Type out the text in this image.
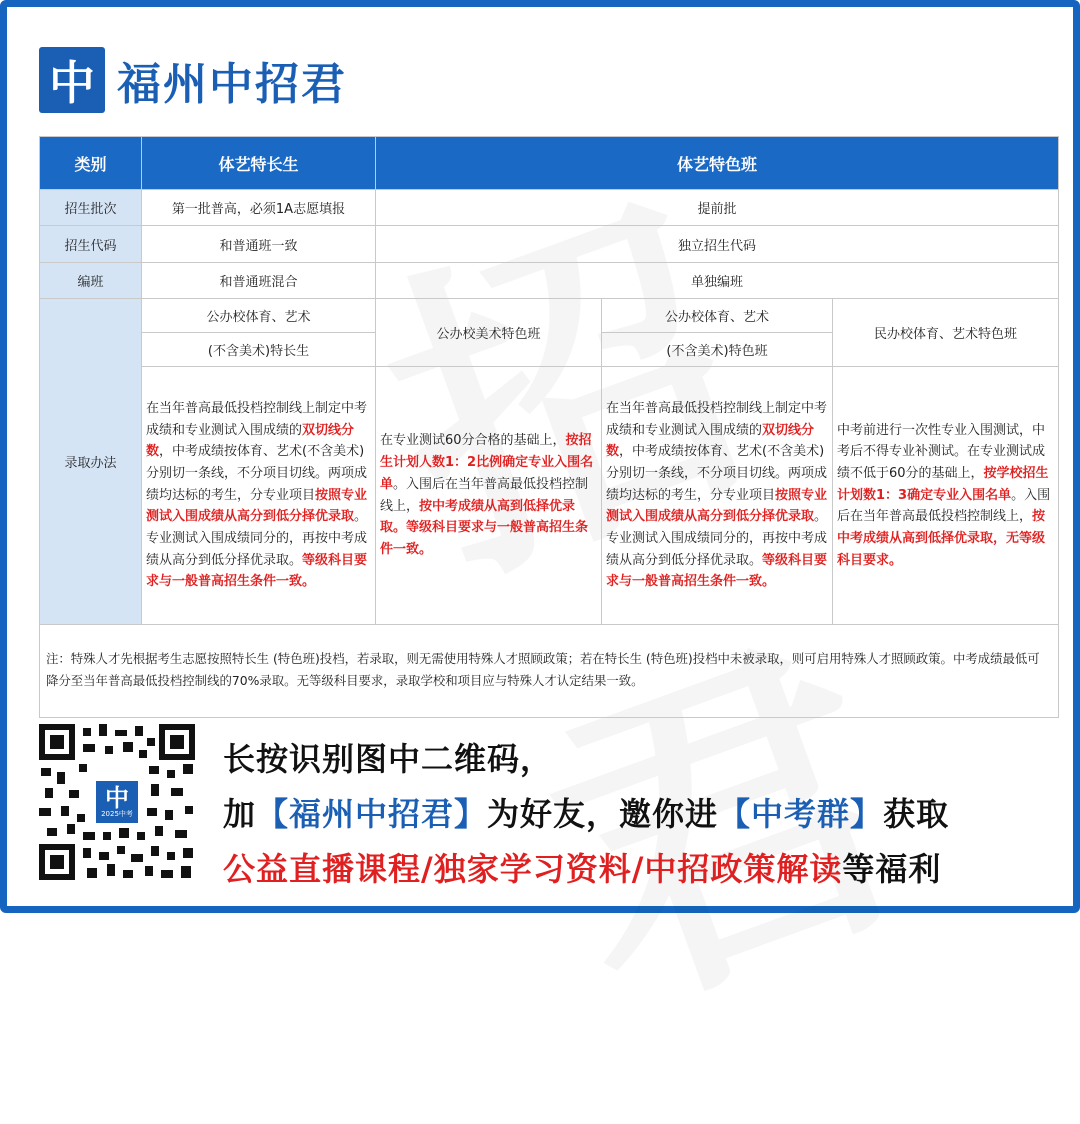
中 福州中招君
类别	体艺特长生	体艺特色班		
招生批次	第一批普高，必须1A志愿填报	提前批		
招生代码	和普通班一致	独立招生代码		
编班	和普通班混合	单独编班		
录取办法	公办校体育、艺术	公办校美术特色班	公办校体育、艺术	民办校体育、艺术特色班
	(不含美术)特长生		(不含美术)特色班	
	在当年普高最低投档控制线上制定中考成绩和专业测试入围成绩的双切线分数，中考成绩按体育、艺术(不含美术)分别切一条线，不分项目切线。两项成绩均达标的考生，分专业项目按照专业测试入围成绩从高分到低分择优录取。专业测试入围成绩同分的，再按中考成绩从高分到低分择优录取。等级科目要求与一般普高招生条件一致。	在专业测试60分合格的基础上，按招生计划人数1：2比例确定专业入围名单。入围后在当年普高最低投档控制线上，按中考成绩从高到低择优录取。等级科目要求与一般普高招生条件一致。	在当年普高最低投档控制线上制定中考成绩和专业测试入围成绩的双切线分数，中考成绩按体育、艺术(不含美术)分别切一条线，不分项目切线。两项成绩均达标的考生，分专业项目按照专业测试入围成绩从高分到低分择优录取。专业测试入围成绩同分的，再按中考成绩从高分到低分择优录取。等级科目要求与一般普高招生条件一致。	中考前进行一次性专业入围测试，中考后不得专业补测试。在专业测试成绩不低于60分的基础上，按学校招生计划数1：3确定专业入围名单。入围后在当年普高最低投档控制线上，按中考成绩从高到低择优录取，无等级科目要求。
注：特殊人才先根据考生志愿按照特长生 (特色班)投档，若录取，则无需使用特殊人才照顾政策；若在特长生 (特色班)投档中未被录取，则可启用特殊人才照顾政策。中考成绩最低可降分至当年普高最低投档控制线的70%录取。无等级科目要求，录取学校和项目应与特殊人才认定结果一致。				
中
2025中考
长按识别图中二维码，
加【福州中招君】为好友，邀你进【中考群】获取
公益直播课程/独家学习资料/中招政策解读等福利
